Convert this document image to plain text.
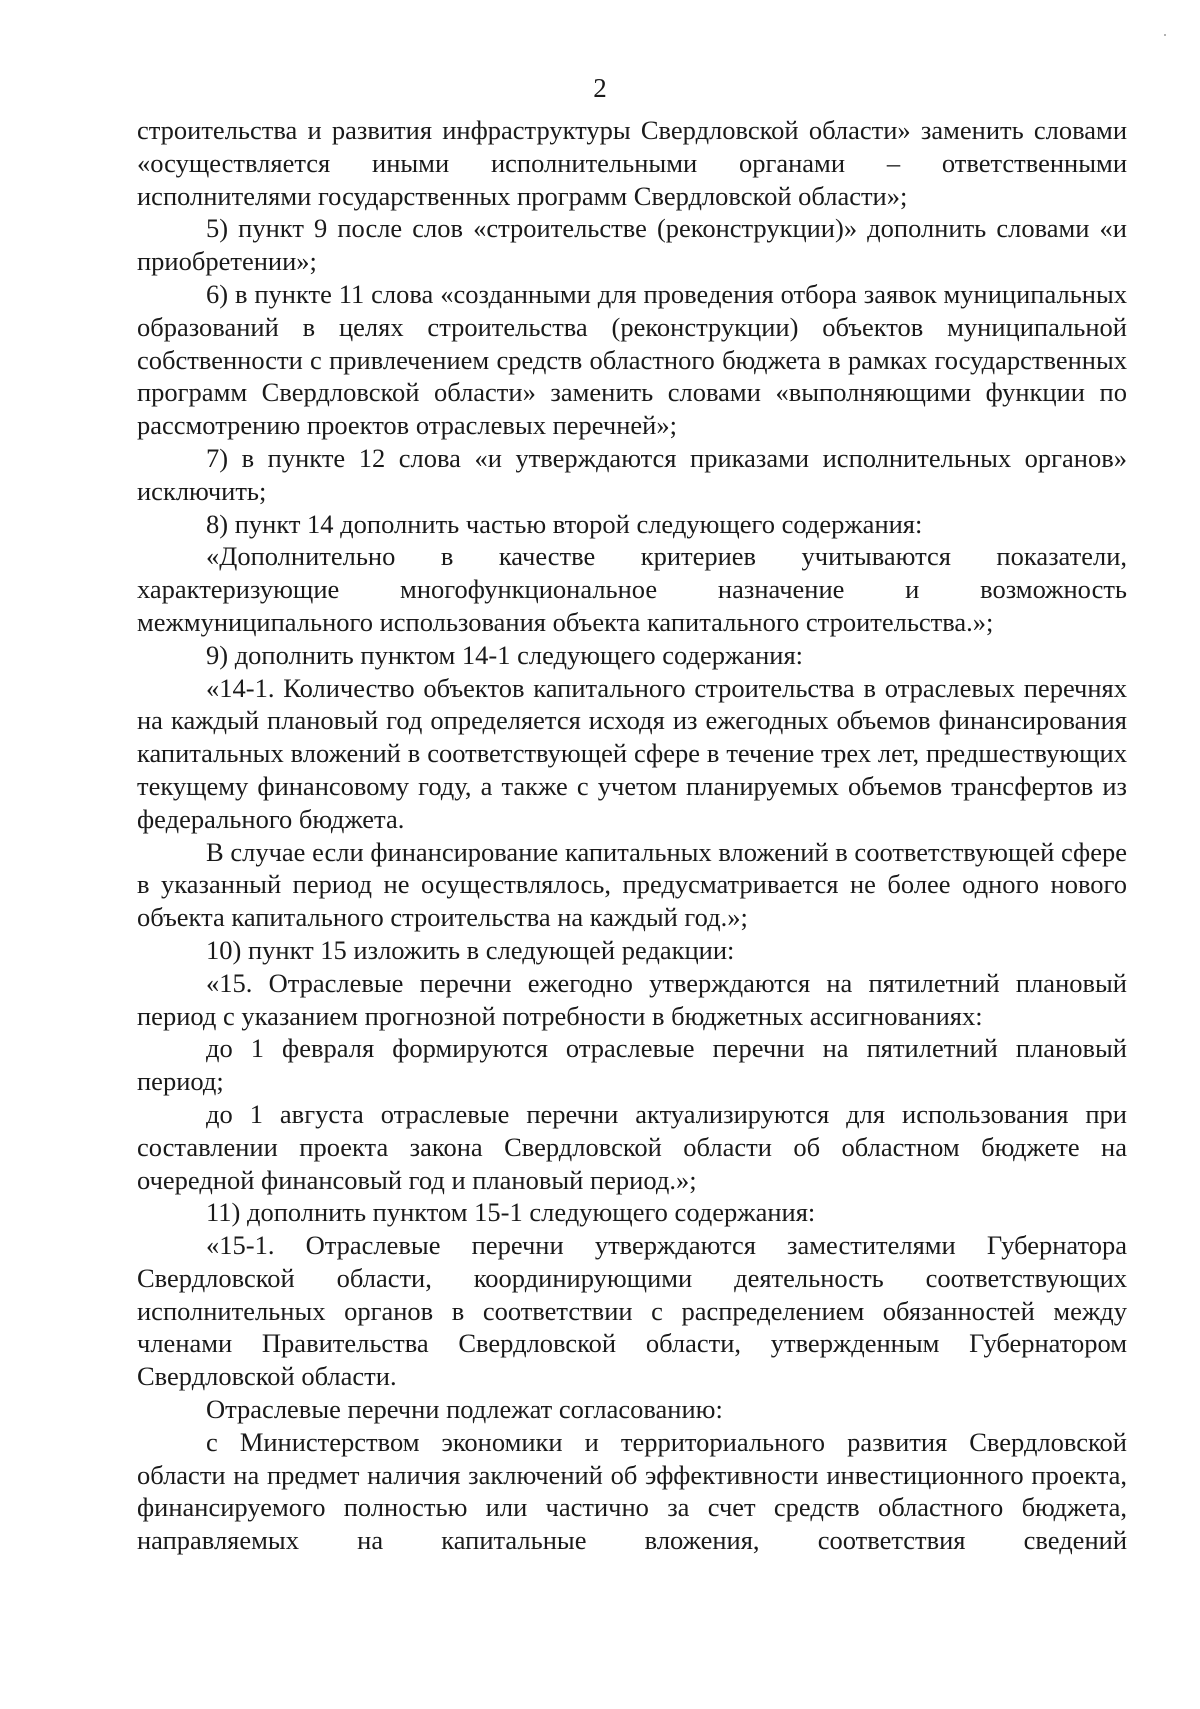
2

строительства и развития инфраструктуры Свердловской области» заменить словами «осуществляется иными исполнительными органами – ответственными исполнителями государственных программ Свердловской области»;

5) пункт 9 после слов «строительстве (реконструкции)» дополнить словами «и приобретении»;

6) в пункте 11 слова «созданными для проведения отбора заявок муниципальных образований в целях строительства (реконструкции) объектов муниципальной собственности с привлечением средств областного бюджета в рамках государственных программ Свердловской области» заменить словами «выполняющими функции по рассмотрению проектов отраслевых перечней»;

7) в пункте 12 слова «и утверждаются приказами исполнительных органов» исключить;

8) пункт 14 дополнить частью второй следующего содержания:

«Дополнительно в качестве критериев учитываются показатели, характеризующие многофункциональное назначение и возможность межмуниципального использования объекта капитального строительства.»;

9) дополнить пунктом 14-1 следующего содержания:

«14-1. Количество объектов капитального строительства в отраслевых перечнях на каждый плановый год определяется исходя из ежегодных объемов финансирования капитальных вложений в соответствующей сфере в течение трех лет, предшествующих текущему финансовому году, а также с учетом планируемых объемов трансфертов из федерального бюджета.

В случае если финансирование капитальных вложений в соответствующей сфере в указанный период не осуществлялось, предусматривается не более одного нового объекта капитального строительства на каждый год.»;

10) пункт 15 изложить в следующей редакции:

«15. Отраслевые перечни ежегодно утверждаются на пятилетний плановый период с указанием прогнозной потребности в бюджетных ассигнованиях:

до 1 февраля формируются отраслевые перечни на пятилетний плановый период;

до 1 августа отраслевые перечни актуализируются для использования при составлении проекта закона Свердловской области об областном бюджете на очередной финансовый год и плановый период.»;

11) дополнить пунктом 15-1 следующего содержания:

«15-1. Отраслевые перечни утверждаются заместителями Губернатора Свердловской области, координирующими деятельность соответствующих исполнительных органов в соответствии с распределением обязанностей между членами Правительства Свердловской области, утвержденным Губернатором Свердловской области.

Отраслевые перечни подлежат согласованию:

с Министерством экономики и территориального развития Свердловской области на предмет наличия заключений об эффективности инвестиционного проекта, финансируемого полностью или частично за счет средств областного бюджета, направляемых на капитальные вложения, соответствия сведений
